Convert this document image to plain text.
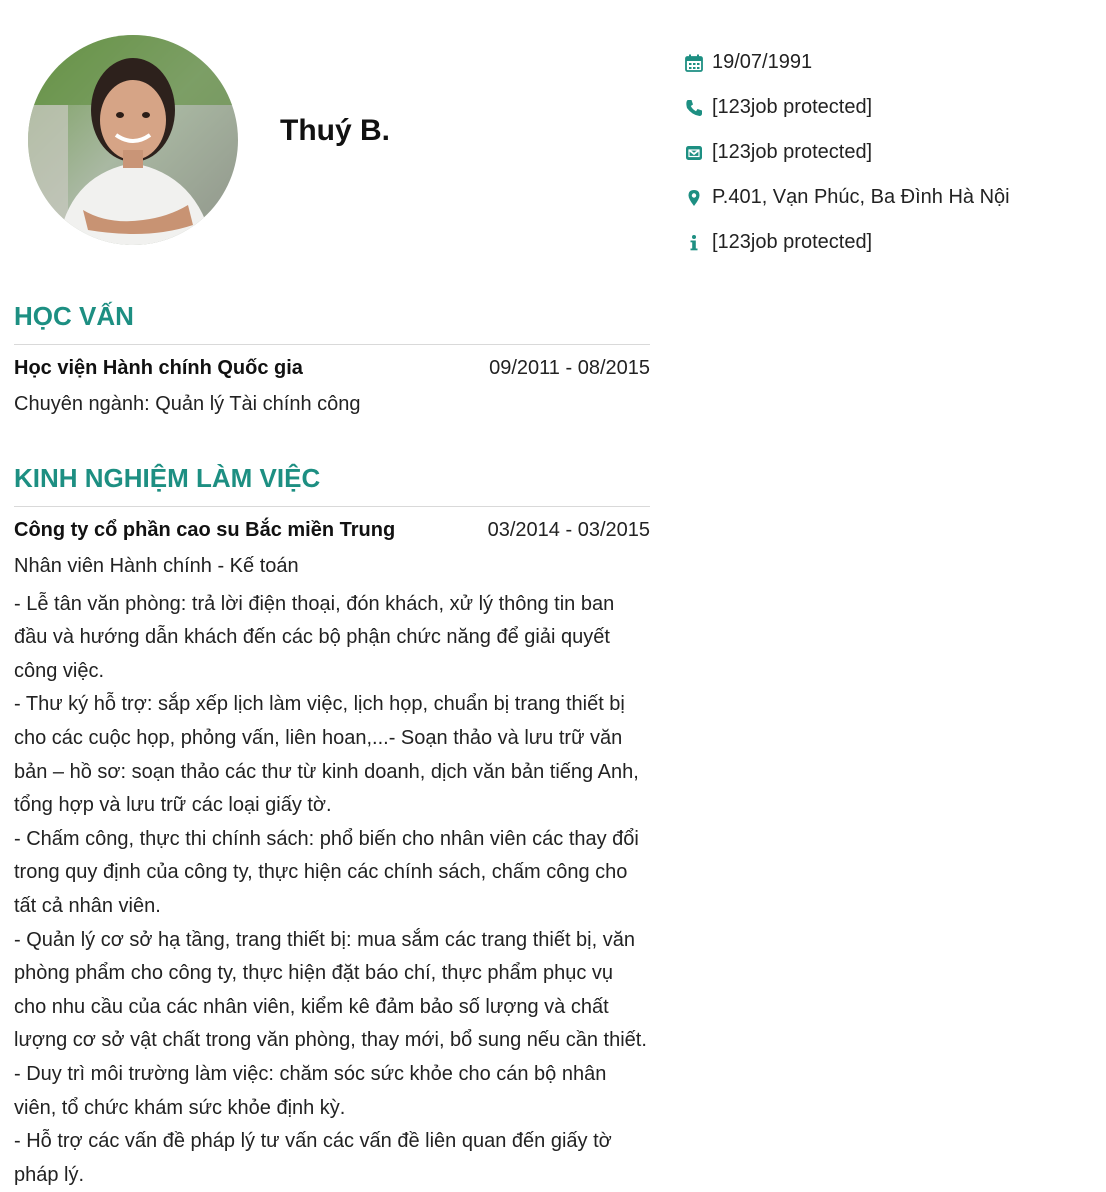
Thuý B.
19/07/1991
[123job protected]
[123job protected]
P.401, Vạn Phúc, Ba Đình Hà Nội
[123job protected]
HỌC VẤN
Học viện Hành chính Quốc gia	09/2011 - 08/2015
Chuyên ngành: Quản lý Tài chính công
KINH NGHIỆM LÀM VIỆC
Công ty cổ phần cao su Bắc miền Trung	03/2014 - 03/2015
Nhân viên Hành chính - Kế toán
- Lễ tân văn phòng: trả lời điện thoại, đón khách, xử lý thông tin ban đầu và hướng dẫn khách đến các bộ phận chức năng để giải quyết công việc.
- Thư ký hỗ trợ: sắp xếp lịch làm việc, lịch họp, chuẩn bị trang thiết bị cho các cuộc họp, phỏng vấn, liên hoan,...- Soạn thảo và lưu trữ văn bản – hồ sơ: soạn thảo các thư từ kinh doanh, dịch văn bản tiếng Anh, tổng hợp và lưu trữ các loại giấy tờ.
- Chấm công, thực thi chính sách: phổ biến cho nhân viên các thay đổi trong quy định của công ty, thực hiện các chính sách, chấm công cho tất cả nhân viên.
- Quản lý cơ sở hạ tầng, trang thiết bị: mua sắm các trang thiết bị, văn phòng phẩm cho công ty, thực hiện đặt báo chí, thực phẩm phục vụ cho nhu cầu của các nhân viên, kiểm kê đảm bảo số lượng và chất lượng cơ sở vật chất trong văn phòng, thay mới, bổ sung nếu cần thiết.
- Duy trì môi trường làm việc: chăm sóc sức khỏe cho cán bộ nhân viên, tổ chức khám sức khỏe định kỳ.
- Hỗ trợ các vấn đề pháp lý tư vấn các vấn đề liên quan đến giấy tờ pháp lý.
